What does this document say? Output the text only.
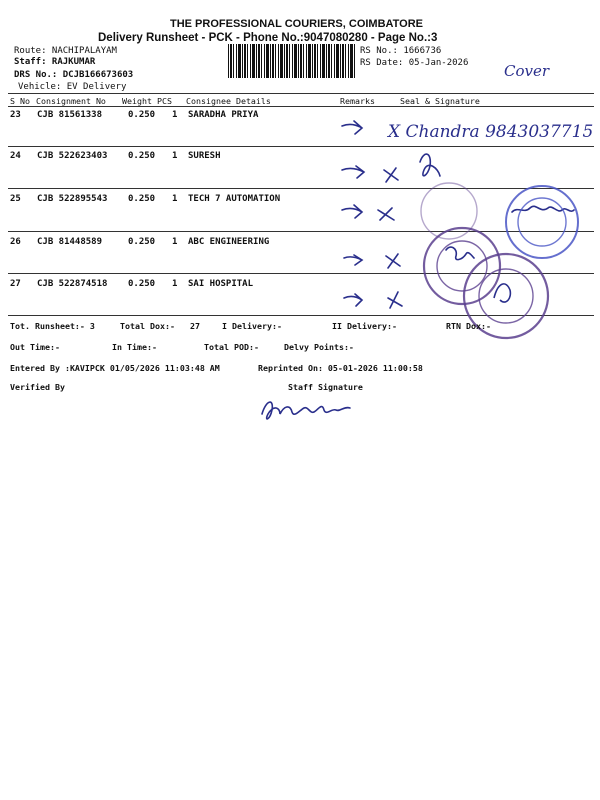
THE PROFESSIONAL COURIERS, COIMBATORE
Delivery Runsheet - PCK - Phone No.:9047080280 - Page No.:3
Route: NACHIPALAYAM
Staff: RAJKUMAR
DRS No.: DCJB166673603
Vehicle: EV Delivery
RS No.: 1666736
RS Date: 05-Jan-2026 Cover
S No Consignment No Weight PCS Consignee Details	Remarks	Seal & Signature
23 CJB 81561338	0.250 1 SARADHA PRIYA
24 CJB 522623403 0.250 1 SURESH
25 CJB 522895543 0.250 1 TECH 7 AUTOMATION
26 CJB 81448589	0.250 1 ABC ENGINEERING
27 CJB 522874518 0.250 1 SAI HOSPITAL
X Chandra 9843037715
Tot. Runsheet:- 3	Total Dox:- 27	I Delivery:-	II Delivery:-	RTN Dox:-
Out Time:-	In Time:-	Total POD:-	Delvy Points:-
Entered By :KAVIPCK 01/05/2026 11:03:48 AM	Reprinted On: 05-01-2026 11:00:58
Verified By	Staff Signature
